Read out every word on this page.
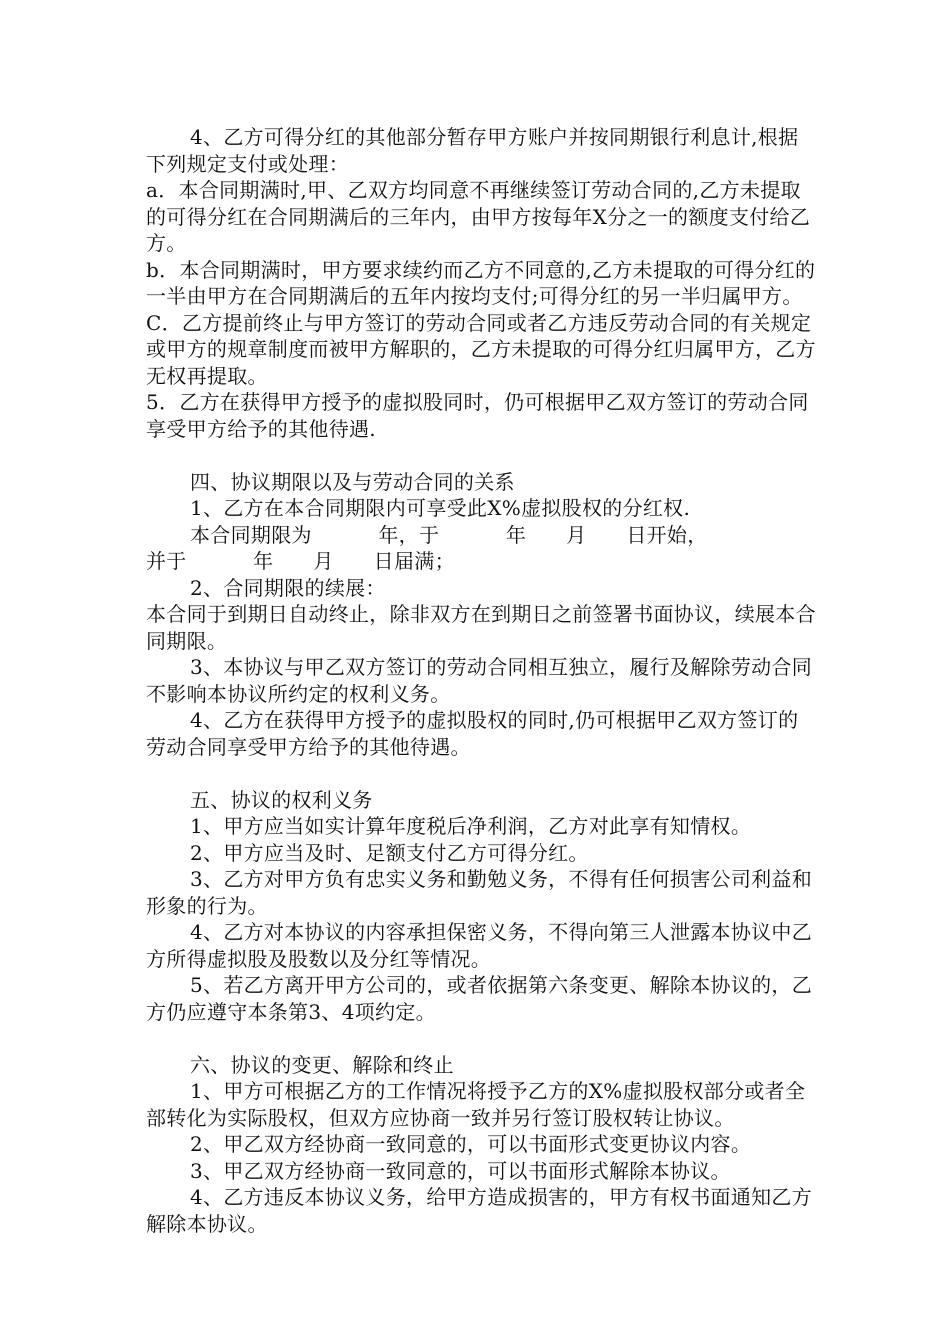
4、乙方可得分红的其他部分暂存甲方账户并按同期银行利息计,根据下列规定支付或处理：

a．本合同期满时,甲、乙双方均同意不再继续签订劳动合同的,乙方未提取的可得分红在合同期满后的三年内，由甲方按每年X分之一的额度支付给乙方。

b．本合同期满时，甲方要求续约而乙方不同意的,乙方未提取的可得分红的一半由甲方在合同期满后的五年内按均支付;可得分红的另一半归属甲方。

C．乙方提前终止与甲方签订的劳动合同或者乙方违反劳动合同的有关规定或甲方的规章制度而被甲方解职的，乙方未提取的可得分红归属甲方，乙方无权再提取。

5．乙方在获得甲方授予的虚拟股同时，仍可根据甲乙双方签订的劳动合同享受甲方给予的其他待遇.

四、协议期限以及与劳动合同的关系

1、乙方在本合同期限内可享受此X%虚拟股权的分红权.

本合同期限为          年，于          年      月      日开始，

并于          年      月      日届满；

2、合同期限的续展：

本合同于到期日自动终止，除非双方在到期日之前签署书面协议，续展本合同期限。

3、本协议与甲乙双方签订的劳动合同相互独立，履行及解除劳动合同不影响本协议所约定的权利义务。

4、乙方在获得甲方授予的虚拟股权的同时,仍可根据甲乙双方签订的劳动合同享受甲方给予的其他待遇。

五、协议的权利义务

1、甲方应当如实计算年度税后净利润，乙方对此享有知情权。

2、甲方应当及时、足额支付乙方可得分红。

3、乙方对甲方负有忠实义务和勤勉义务，不得有任何损害公司利益和形象的行为。

4、乙方对本协议的内容承担保密义务，不得向第三人泄露本协议中乙方所得虚拟股及股数以及分红等情况。

5、若乙方离开甲方公司的，或者依据第六条变更、解除本协议的，乙方仍应遵守本条第3、4项约定。

六、协议的变更、解除和终止

1、甲方可根据乙方的工作情况将授予乙方的X%虚拟股权部分或者全部转化为实际股权，但双方应协商一致并另行签订股权转让协议。

2、甲乙双方经协商一致同意的，可以书面形式变更协议内容。

3、甲乙双方经协商一致同意的，可以书面形式解除本协议。

4、乙方违反本协议义务，给甲方造成损害的，甲方有权书面通知乙方解除本协议。
